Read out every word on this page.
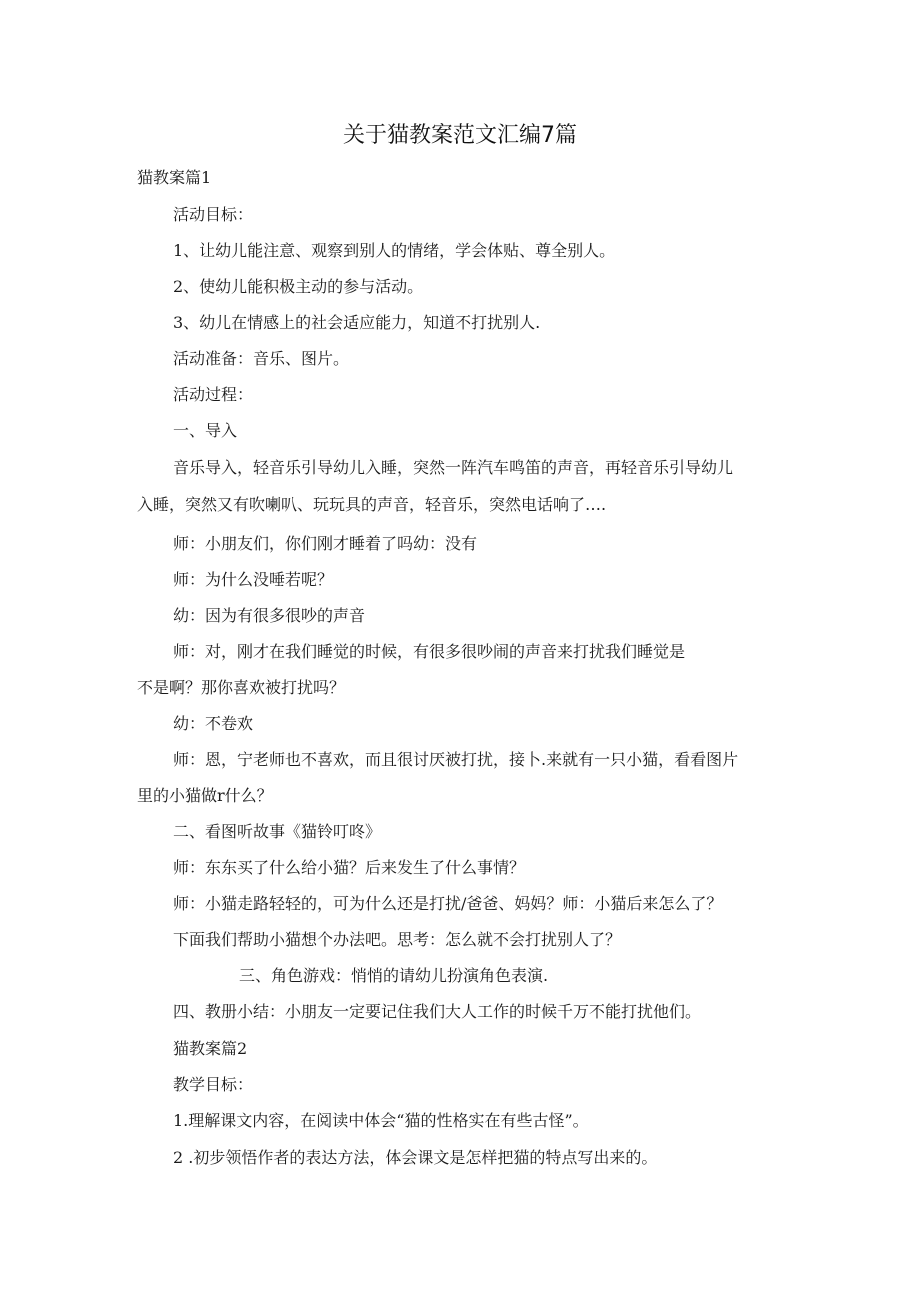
关于猫教案范文汇编7篇
猫教案篇1
活动目标：
1、让幼儿能注意、观察到别人的情绪，学会体贴、尊全别人。
2、使幼儿能积极主动的参与活动。
3、幼儿在情感上的社会适应能力，知道不打扰别人.
活动准备：音乐、图片。
活动过程：
一、导入
音乐导入，轻音乐引导幼儿入睡，突然一阵汽车鸣笛的声音，再轻音乐引导幼儿
入睡，突然又有吹喇叭、玩玩具的声音，轻音乐，突然电话响了….
师：小朋友们，你们刚才睡着了吗幼：没有
师：为什么没唾若呢？
幼：因为有很多很吵的声音
师：对，刚才在我们睡觉的时候，有很多很吵闹的声音来打扰我们睡觉是
不是啊？那你喜欢被打扰吗？
幼：不卷欢
师：恩，宁老师也不喜欢，而且很讨厌被打扰，接卜.来就有一只小猫，看看图片
里的小猫做r什么？
二、看图听故事《猫铃叮咚》
师：东东买了什么给小猫？后来发生了什么事情？
师：小猫走路轻轻的，可为什么还是打扰/爸爸、妈妈？师：小猫后来怎么了？
下面我们帮助小猫想个办法吧。思考：怎么就不会打扰别人了？
三、角色游戏：悄悄的请幼儿扮演角色表演.
四、教册小结：小朋友一定要记住我们大人工作的时候千万不能打扰他们。
猫教案篇2
教学目标：
1.理解课文内容，在阅读中体会“猫的性格实在有些古怪”。
2 .初步领悟作者的表达方法，体会课文是怎样把猫的特点写出来的。
